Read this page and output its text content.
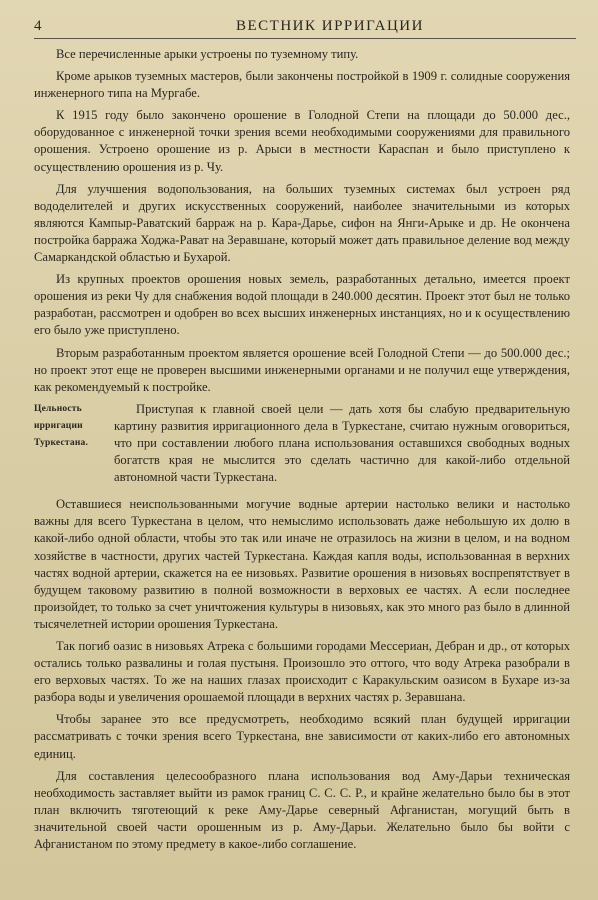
4	ВЕСТНИК ИРРИГАЦИИ

Все перечисленные арыки устроены по туземному типу.

Кроме арыков туземных мастеров, были закончены постройкой в 1909 г. солидные сооружения инженерного типа на Мургабе.

К 1915 году было закончено орошение в Голодной Степи на площади до 50.000 дес., оборудованное с инженерной точки зрения всеми необходимыми сооружениями для правильного орошения. Устроено орошение из р. Арыси в местности Караспан и было приступлено к осуществлению орошения из р. Чу.

Для улучшения водопользования, на больших туземных системах был устроен ряд вододелителей и других искусственных сооружений, наиболее значительными из которых являются Кампыр-Раватский барраж на р. Кара-Дарье, сифон на Янги-Арыке и др. Не окончена постройка барража Ходжа-Рават на Зеравшане, который может дать правильное деление вод между Самаркандской областью и Бухарой.

Из крупных проектов орошения новых земель, разработанных детально, имеется проект орошения из реки Чу для снабжения водой площади в 240.000 десятин. Проект этот был не только разработан, рассмотрен и одобрен во всех высших инженерных инстанциях, но и к осуществлению его было уже приступлено.

Вторым разработанным проектом является орошение всей Голодной Степи — до 500.000 дес.; но проект этот еще не проверен высшими инженерными органами и не получил еще утверждения, как рекомендуемый к постройке.

Цельность ирригации Туркестана.

Приступая к главной своей цели — дать хотя бы слабую предварительную картину развития ирригационного дела в Туркестане, считаю нужным оговориться, что при составлении любого плана использования оставшихся свободных водных богатств края не мыслится это сделать частично для какой-либо отдельной автономной части Туркестана.

Оставшиеся неиспользованными могучие водные артерии настолько велики и настолько важны для всего Туркестана в целом, что немыслимо использовать даже небольшую их долю в какой-либо одной области, чтобы это так или иначе не отразилось на жизни в целом, и на водном хозяйстве в частности, других частей Туркестана. Каждая капля воды, использованная в верхних частях водной артерии, скажется на ее низовьях. Развитие орошения в низовьях воспрепятствует в будущем таковому развитию в полной возможности в верховых ее частях. А если последнее произойдет, то только за счет уничтожения культуры в низовьях, как это много раз было в длинной тысячелетней истории орошения Туркестана.

Так погиб оазис в низовьях Атрека с большими городами Мессериан, Дебран и др., от которых остались только развалины и голая пустыня. Произошло это оттого, что воду Атрека разобрали в его верховых частях. То же на наших глазах происходит с Каракульским оазисом в Бухаре из-за разбора воды и увеличения орошаемой площади в верхних частях р. Зеравшана.

Чтобы заранее это все предусмотреть, необходимо всякий план будущей ирригации рассматривать с точки зрения всего Туркестана, вне зависимости от каких-либо его автономных единиц.

Для составления целесообразного плана использования вод Аму-Дарьи техническая необходимость заставляет выйти из рамок границ С. С. С. Р., и крайне желательно было бы в этот план включить тяготеющий к реке Аму-Дарье северный Афганистан, могущий быть в значительной своей части орошенным из р. Аму-Дарьи. Желательно было бы войти с Афганистаном по этому предмету в какое-либо соглашение.
